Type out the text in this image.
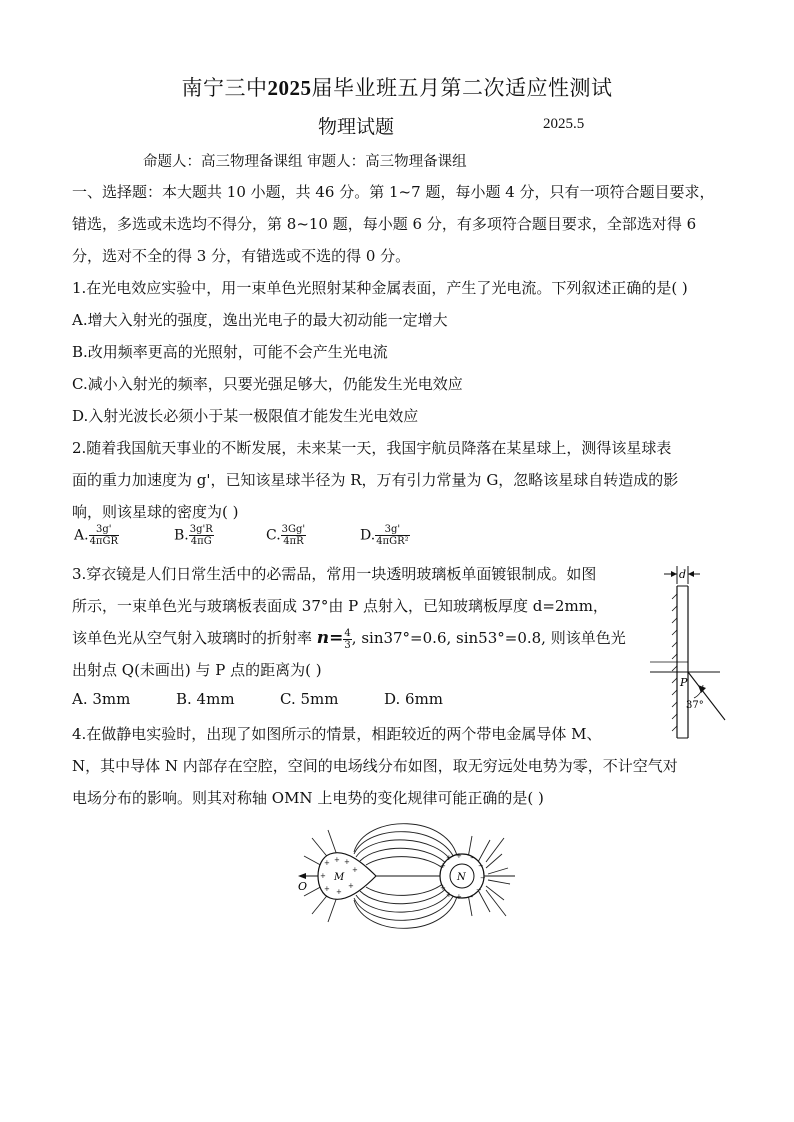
南宁三中2025届毕业班五月第二次适应性测试
物理试题	2025.5
命题人：高三物理备课组 审题人：高三物理备课组
一、选择题：本大题共 10 小题，共 46 分。第 1~7 题，每小题 4 分，只有一项符合题目要求，
错选，多选或未选均不得分，第 8~10 题，每小题 6 分，有多项符合题目要求，全部选对得 6
分，选对不全的得 3 分，有错选或不选的得 0 分。
1.在光电效应实验中，用一束单色光照射某种金属表面，产生了光电流。下列叙述正确的是( )
A.增大入射光的强度，逸出光电子的最大初动能一定增大
B.改用频率更高的光照射，可能不会产生光电流
C.减小入射光的频率，只要光强足够大，仍能发生光电效应
D.入射光波长必须小于某一极限值才能发生光电效应
2.随着我国航天事业的不断发展，未来某一天，我国宇航员降落在某星球上，测得该星球表
面的重力加速度为 g'，已知该星球半径为 R，万有引力常量为 G，忽略该星球自转造成的影
响，则该星球的密度为( )
A. $\frac{3g'}{\text{4πGR}}$	B. $\frac{3g'R}{4\pi G}$	C. $\frac{3Gg'}{4\pi R}$	D. $\frac{3g'}{\text{4πGR²}}$
3.穿衣镜是人们日常生活中的必需品，常用一块透明玻璃板单面镀银制成。如图
所示，一束单色光与玻璃板表面成 37°由 P 点射入，已知玻璃板厚度 d=2mm，
该单色光从空气射入玻璃时的折射率 $n= \frac{4}{3}$ , sin37°=0.6, sin53°=0.8, 则该单色光
出射点 Q(未画出) 与 P 点的距离为( )
A. 3mm	B. 4mm	C. 5mm	D. 6mm
d
P
37°
4.在做静电实验时，出现了如图所示的情景，相距较近的两个带电金属导体 M、
N，其中导体 N 内部存在空腔，空间的电场线分布如图，取无穷远处电势为零，不计空气对
电场分布的影响。则其对称轴 OMN 上电势的变化规律可能正确的是( )
+ + +
+
+
+ +
+
M
+
+ +
+
+ +
−
−
−
−
−
N
O
